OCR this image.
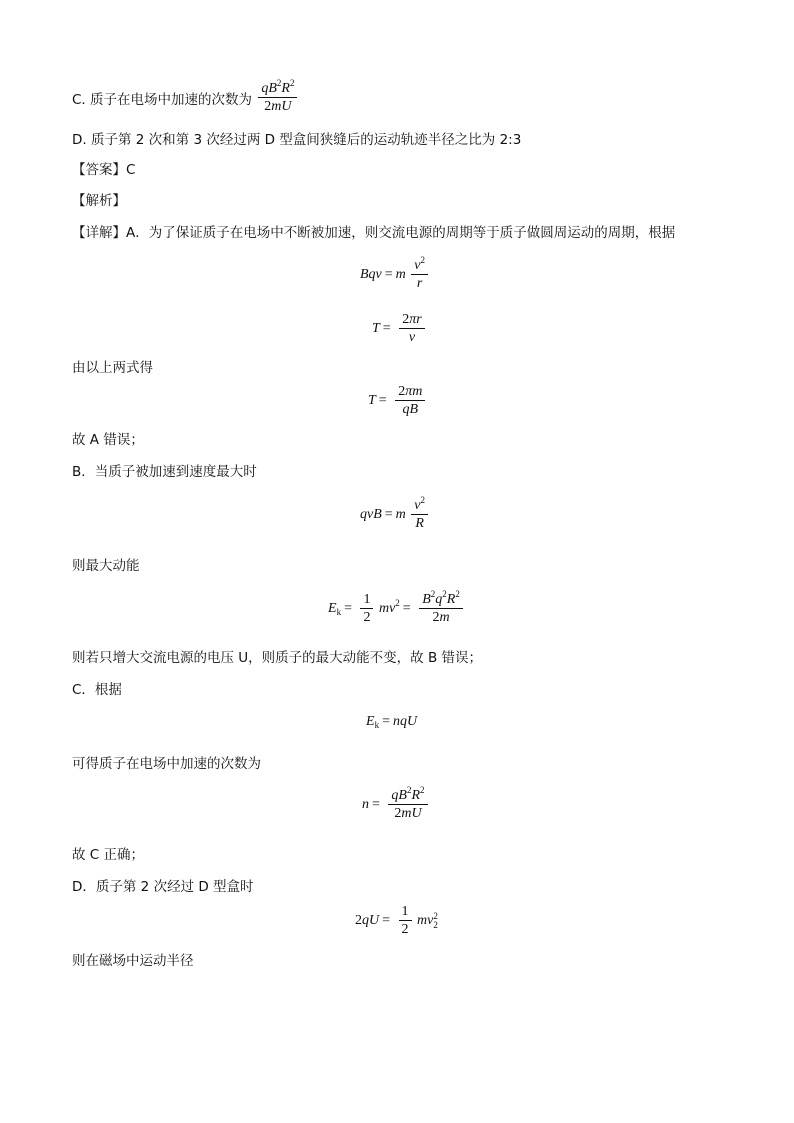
C. 质子在电场中加速的次数为 $\frac{qB^2R^2}{2mU}$
D. 质子第 2 次和第 3 次经过两 D 型盒间狭缝后的运动轨迹半径之比为 2:3
【答案】C
【解析】
【详解】A．为了保证质子在电场中不断被加速，则交流电源的周期等于质子做圆周运动的周期，根据
Bqv = m $\frac{v^2}{r}$
$T = \frac{2\pi r}{v}$
由以上两式得
$T = \frac{2\pi m}{qB}$
故 A 错误；
B．当质子被加速到速度最大时
qvB = m $\frac{v^2}{R}$
则最大动能
$E_k = \frac{1}{2} mv^2 = \frac{B^2q^2R^2}{2m}$
则若只增大交流电源的电压 U，则质子的最大动能不变，故 B 错误；
C．根据
$E_k$ = nqU
可得质子在电场中加速的次数为
$n = \frac{qB^2R^2}{2mU}$
故 C 正确；
D．质子第 2 次经过 D 型盒时
$2qU = \frac{1}{2}$ mv 2
2
则在磁场中运动半径
